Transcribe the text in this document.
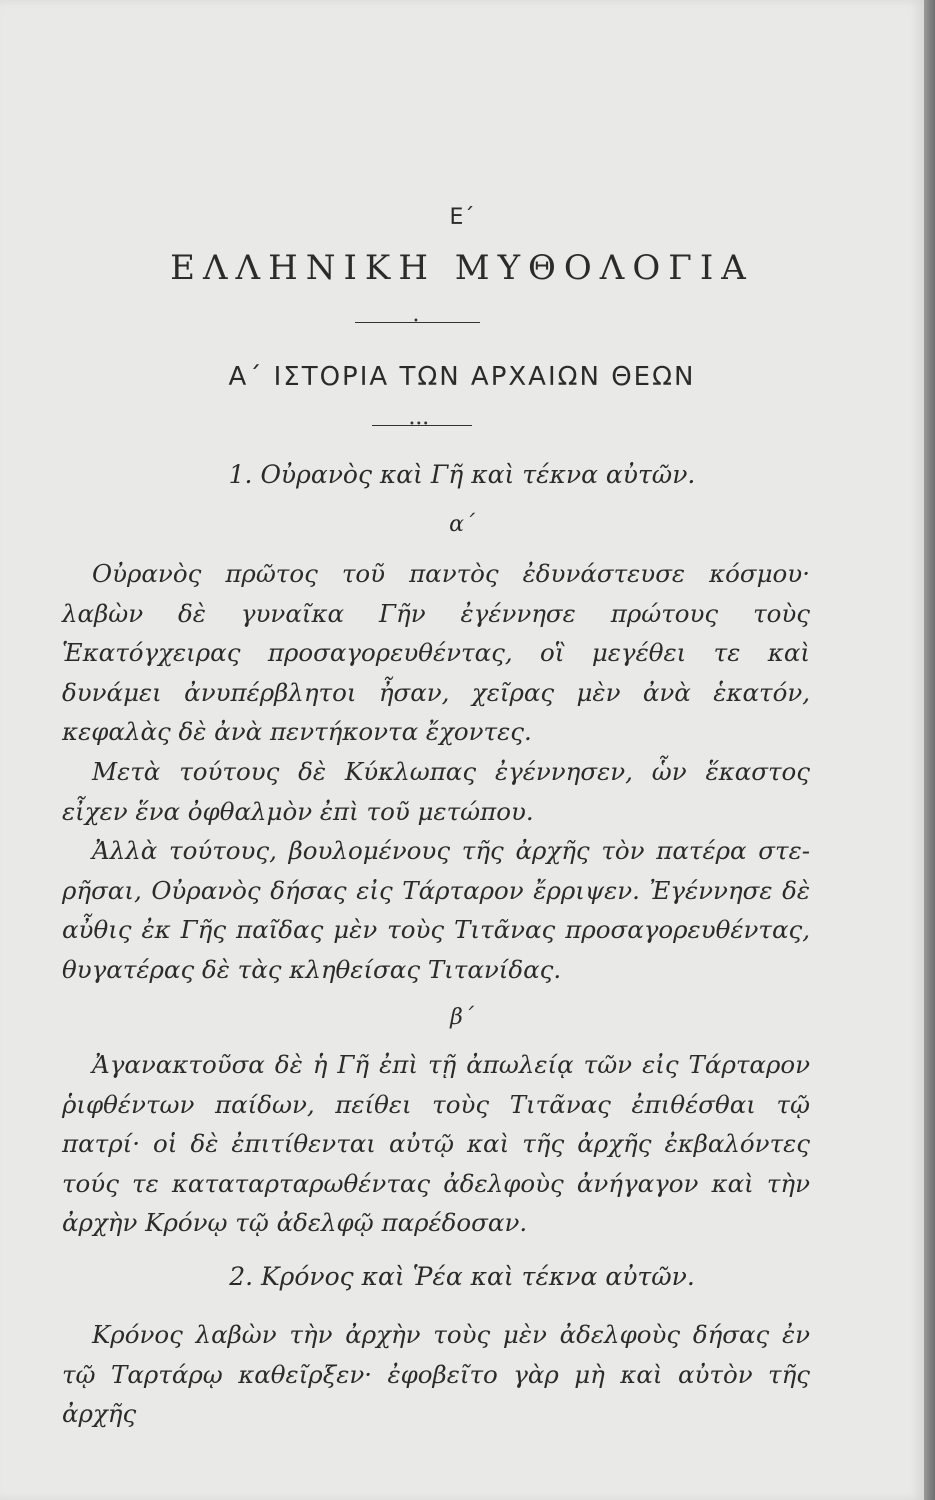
Ε΄
ΕΛΛΗΝΙΚΗ ΜΥΘΟΛΟΓΙΑ
•
Α΄ ΙΣΤΟΡΙΑ ΤΩΝ ΑΡΧΑΙΩΝ ΘΕΩΝ
•••
1. Οὐρανὸς καὶ Γῆ καὶ τέκνα αὐτῶν.
α΄
Οὐρανὸς πρῶτος τοῦ παντὸς ἐδυνάστευσε κόσμου· λαβὼν δὲ γυναῖκα Γῆν ἐγέννησε πρώτους τοὺς Ἑκατόγχειρας προσαγορευθέντας, οἳ μεγέθει τε καὶ δυνάμει ἀνυπέρβλητοι ἦσαν, χεῖρας μὲν ἀνὰ ἑκατόν, κεφαλὰς δὲ ἀνὰ πεντήκοντα ἔχοντες.
Μετὰ τούτους δὲ Κύκλωπας ἐγέννησεν, ὧν ἕκαστος εἶχεν ἕνα ὀφθαλμὸν ἐπὶ τοῦ μετώπου.
Ἀλλὰ τούτους, βουλομένους τῆς ἀρχῆς τὸν πατέρα στερῆσαι, Οὐρανὸς δήσας εἰς Τάρταρον ἔρριψεν. Ἐγέννησε δὲ αὖθις ἐκ Γῆς παῖδας μὲν τοὺς Τιτᾶνας προσαγορευθέντας, θυγατέρας δὲ τὰς κληθείσας Τιτανίδας.
β΄
Ἀγανακτοῦσα δὲ ἡ Γῆ ἐπὶ τῇ ἀπωλείᾳ τῶν εἰς Τάρταρον ῥιφθέντων παίδων, πείθει τοὺς Τιτᾶνας ἐπιθέσθαι τῷ πατρί· οἱ δὲ ἐπιτίθενται αὐτῷ καὶ τῆς ἀρχῆς ἐκβαλόντες τούς τε καταταρταρωθέντας ἀδελφοὺς ἀνήγαγον καὶ τὴν ἀρχὴν Κρόνῳ τῷ ἀδελφῷ παρέδοσαν.
2. Κρόνος καὶ Ῥέα καὶ τέκνα αὐτῶν.
Κρόνος λαβὼν τὴν ἀρχὴν τοὺς μὲν ἀδελφοὺς δήσας ἐν τῷ Ταρτάρῳ καθεῖρξεν· ἐφοβεῖτο γὰρ μὴ καὶ αὐτὸν τῆς ἀρχῆς
